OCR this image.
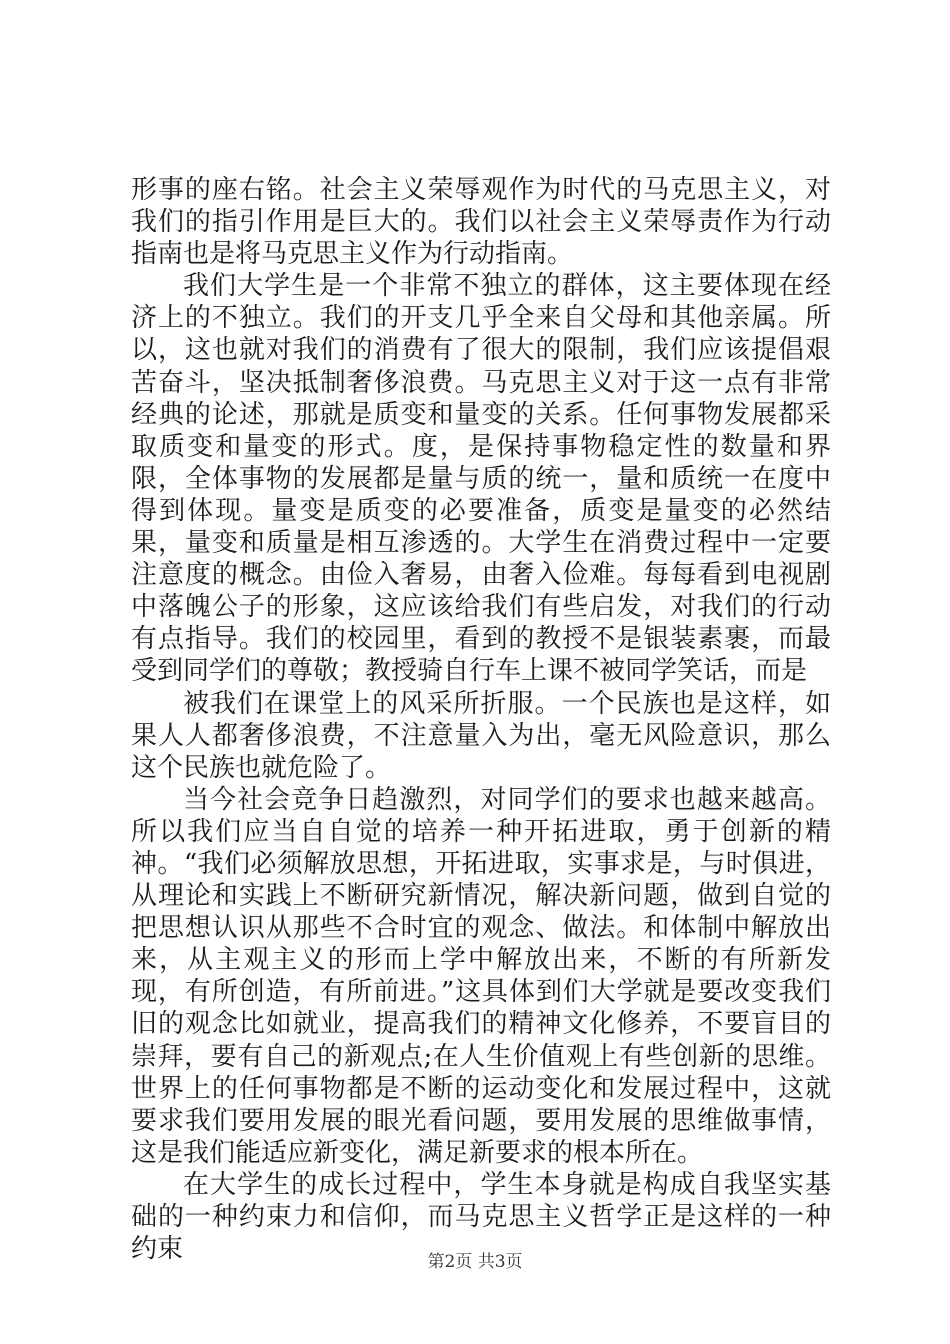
形事的座右铭。社会主义荣辱观作为时代的马克思主义，对我们的指引作用是巨大的。我们以社会主义荣辱责作为行动指南也是将马克思主义作为行动指南。

我们大学生是一个非常不独立的群体，这主要体现在经济上的不独立。我们的开支几乎全来自父母和其他亲属。所以，这也就对我们的消费有了很大的限制，我们应该提倡艰苦奋斗，坚决抵制奢侈浪费。马克思主义对于这一点有非常经典的论述，那就是质变和量变的关系。任何事物发展都采取质变和量变的形式。度，是保持事物稳定性的数量和界限，全体事物的发展都是量与质的统一，量和质统一在度中得到体现。量变是质变的必要准备，质变是量变的必然结果，量变和质量是相互渗透的。大学生在消费过程中一定要注意度的概念。由俭入奢易，由奢入俭难。每每看到电视剧中落魄公子的形象，这应该给我们有些启发，对我们的行动有点指导。我们的校园里，看到的教授不是银装素裹，而最受到同学们的尊敬；教授骑自行车上课不被同学笑话，而是

被我们在课堂上的风采所折服。一个民族也是这样，如果人人都奢侈浪费，不注意量入为出，毫无风险意识，那么这个民族也就危险了。

当今社会竞争日趋激烈，对同学们的要求也越来越高。所以我们应当自自觉的培养一种开拓进取，勇于创新的精神。“我们必须解放思想，开拓进取，实事求是，与时俱进，从理论和实践上不断研究新情况，解决新问题，做到自觉的把思想认识从那些不合时宜的观念、做法。和体制中解放出来，从主观主义的形而上学中解放出来，不断的有所新发现，有所创造，有所前进。”这具体到们大学就是要改变我们旧的观念比如就业，提高我们的精神文化修养，不要盲目的崇拜，要有自己的新观点;在人生价值观上有些创新的思维。世界上的任何事物都是不断的运动变化和发展过程中，这就要求我们要用发展的眼光看问题，要用发展的思维做事情，这是我们能适应新变化，满足新要求的根本所在。

在大学生的成长过程中，学生本身就是构成自我坚实基础的一种约束力和信仰，而马克思主义哲学正是这样的一种约束	第2页 共3页
